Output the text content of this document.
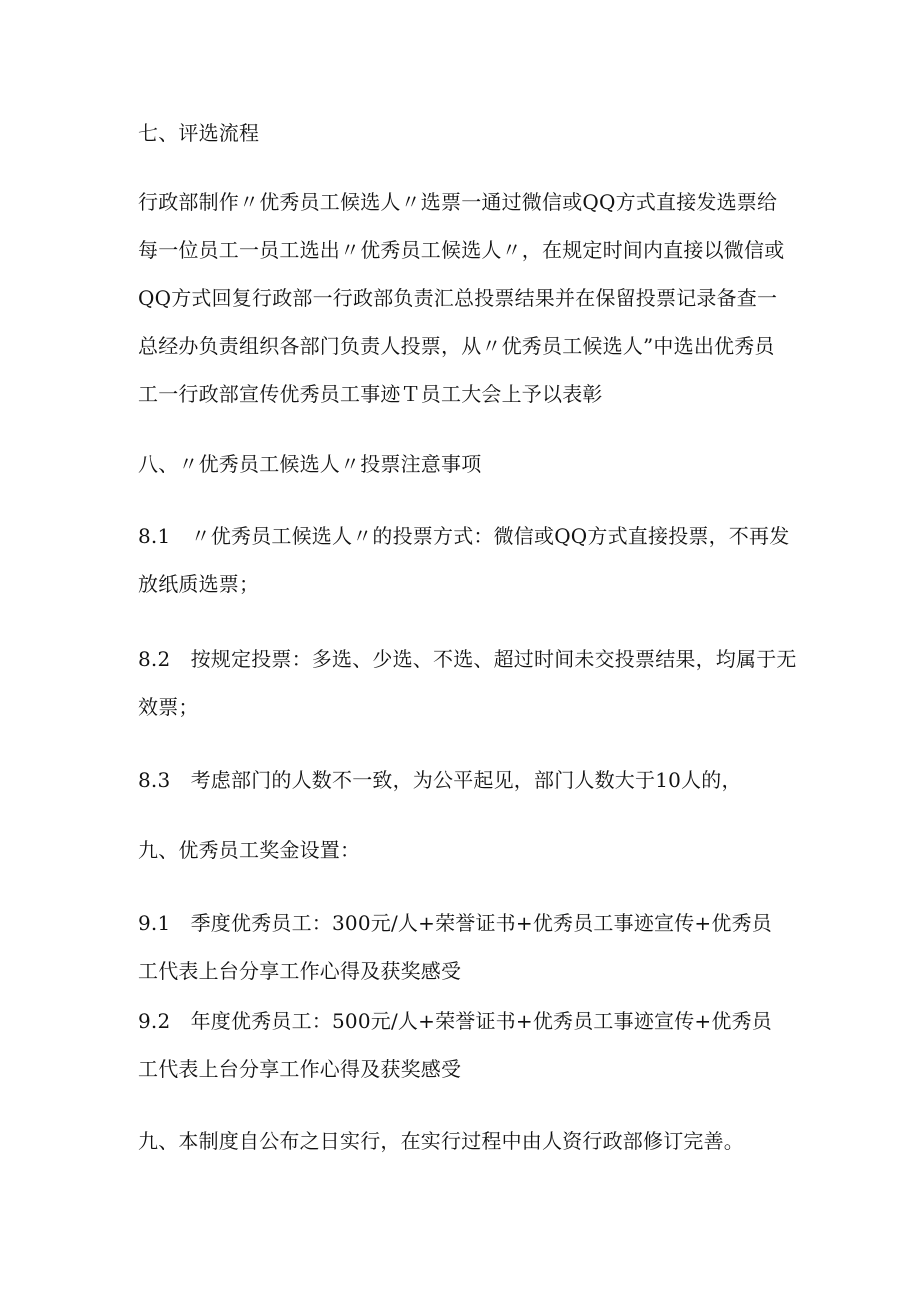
七、评选流程
行政部制作〃优秀员工候选人〃选票一通过微信或QQ方式直接发选票给
每一位员工一员工选出〃优秀员工候选人〃，在规定时间内直接以微信或
QQ方式回复行政部一行政部负责汇总投票结果并在保留投票记录备查一
总经办负责组织各部门负责人投票，从〃优秀员工候选人”中选出优秀员
工一行政部宣传优秀员工事迹Ｔ员工大会上予以表彰
八、〃优秀员工候选人〃投票注意事项
8.1　〃优秀员工候选人〃的投票方式：微信或QQ方式直接投票，不再发
放纸质选票；
8.2　按规定投票：多选、少选、不选、超过时间未交投票结果，均属于无
效票；
8.3　考虑部门的人数不一致，为公平起见，部门人数大于10人的，
九、优秀员工奖金设置：
9.1　季度优秀员工：300元/人+荣誉证书+优秀员工事迹宣传+优秀员
工代表上台分享工作心得及获奖感受
9.2　年度优秀员工：500元/人+荣誉证书+优秀员工事迹宣传+优秀员
工代表上台分享工作心得及获奖感受
九、本制度自公布之日实行，在实行过程中由人资行政部修订完善。
